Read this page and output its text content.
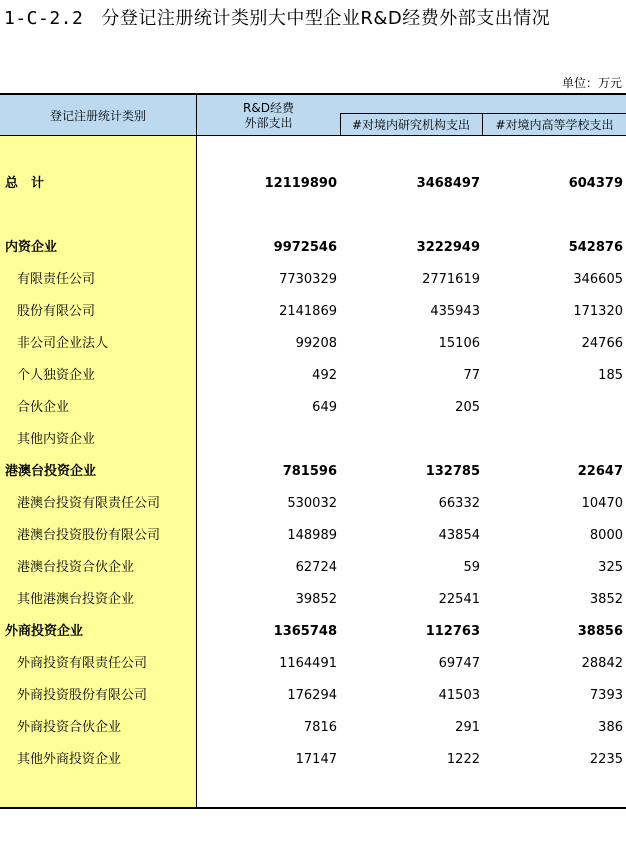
1-C-2.2 分登记注册统计类别大中型企业R&D经费外部支出情况
单位：万元
登记注册统计类别
R&D经费
外部支出	#对境内研究机构支出	#对境内高等学校支出
总　计	12119890	3468497	604379
内资企业	9972546	3222949	542876
有限责任公司	7730329	2771619	346605
股份有限公司	2141869	435943	171320
非公司企业法人	99208	15106	24766
个人独资企业	492	77	185
合伙企业	649	205
其他内资企业
港澳台投资企业	781596	132785	22647
港澳台投资有限责任公司	530032	66332	10470
港澳台投资股份有限公司	148989	43854	8000
港澳台投资合伙企业	62724	59	325
其他港澳台投资企业	39852	22541	3852
外商投资企业	1365748	112763	38856
外商投资有限责任公司	1164491	69747	28842
外商投资股份有限公司	176294	41503	7393
外商投资合伙企业	7816	291	386
其他外商投资企业	17147	1222	2235
